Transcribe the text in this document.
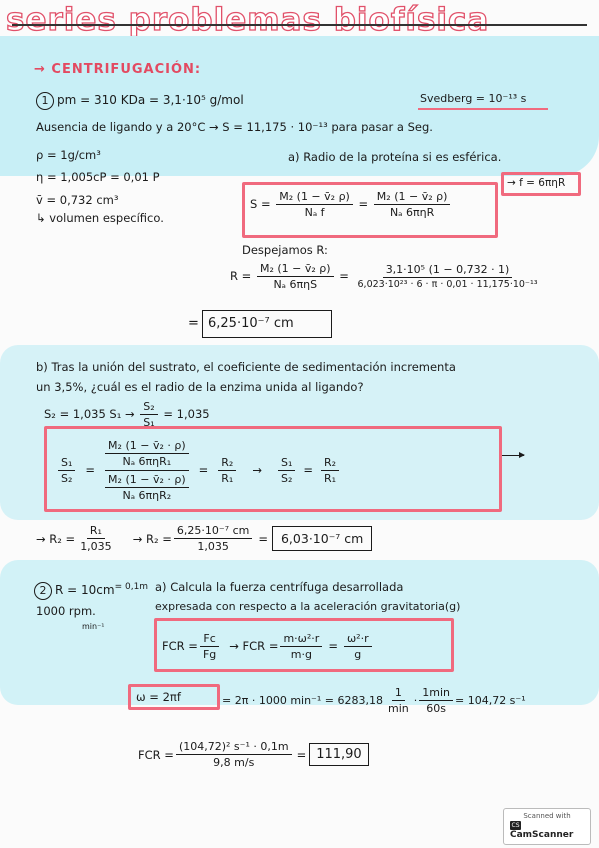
series problemas biofísica
→ CENTRIFUGACIÓN:
1 pm = 310 KDa = 3,1·10⁵ g/mol	Svedberg = 10⁻¹³ s
Ausencia de ligando y a 20°C → S = 11,175 · 10⁻¹³ para pasar a Seg.
ρ = 1g/cm³
η = 1,005cP = 0,01 P
v̄ = 0,732 cm³
↳ volumen específico.
a) Radio de la proteína si es esférica.
$S = \frac{\text{M₂ (1 − v̄₂ ρ)}}{\text{Nₐ f}} = \frac{\text{M₂ (1 − v̄₂ ρ)}}{\text{Nₐ 6πηR}}$
→ f = 6πηR
Despejamos R:
$R = \frac{\text{M₂ (1 − v̄₂ ρ)}}{\text{Nₐ 6πηS}} = \frac{\text{3,1·10⁵ (1 − 0,732 · 1)}}{\text{6,023·10²³ · 6 · π · 0,01 · 11,175·10⁻¹³}}$
= 6,25·10⁻⁷ cm
b) Tras la unión del sustrato, el coeficiente de sedimentación incrementa
un 3,5%, ¿cuál es el radio de la enzima unida al ligando?
S₂ = 1,035 $S_1 \to \frac{\text{S₂}}{\text{S₁}} = 1,035$
$\frac{\text{S₁}}{\text{S₂}} = \frac{\text{M₂ (1 − v̄₂ · ρ)}}{\text{Nₐ 6πηR₁}}$
$\frac{\text{M₂ (1 − v̄₂ · ρ)}}{\text{Nₐ 6πηR₂}}$
= $\frac{\text{R₂}}{\text{R₁}} \to \frac{\text{S₁}}{\text{S₂}} = \frac{\text{R₂}}{\text{R₁}}$
→ $R_2 = \frac{\text{R₁}}{1,035} \to R_2 = \frac{\text{6,25·10⁻⁷ cm}}{1,035}$ =	6,03·10⁻⁷ cm
2 $R = 10cm^{= 0,1m}$
1000 rpm.
min⁻¹
a) Calcula la fuerza centrífuga desarrollada
expresada con respecto a la aceleración gravitatoria(g)
FCR = $\frac{Fc}{Fg}$ → FCR = $\frac{\text{m·ω²·r}}{m\cdot g} = \frac{\text{ω²·r}}{g}$
ω = 2πf	= 2π · 1000 $\min^{-1} = 6283,18 \frac{1}{\min} \cdot \frac{1\min}{60s} = 104,72$ s⁻¹
FCR = $\frac{\text{(104,72)² s⁻¹ · 0,1m}}{9,8 m/s} = 111,90$
Scanned with
CSCamScanner
